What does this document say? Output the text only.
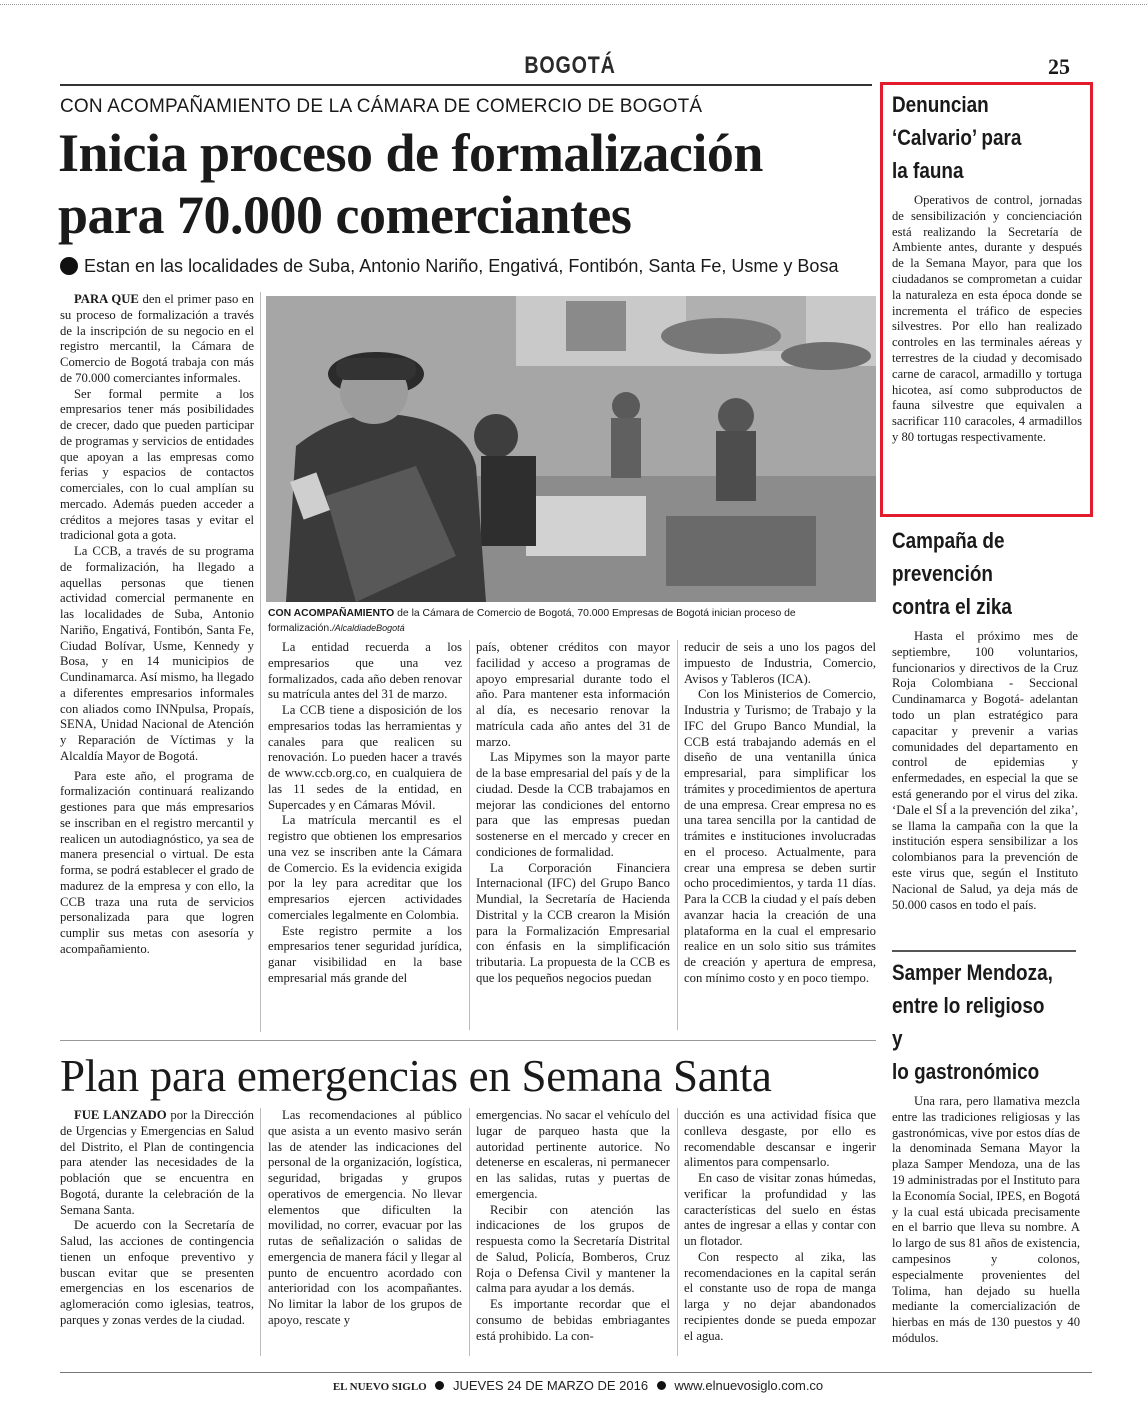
BOGOTÁ	25
CON ACOMPAÑAMIENTO DE LA CÁMARA DE COMERCIO DE BOGOTÁ
Inicia proceso de formalización
para 70.000 comerciantes
Estan en las localidades de Suba, Antonio Nariño, Engativá, Fontibón, Santa Fe, Usme y Bosa

PARA QUE den el primer paso en su proceso de formalización a través de la inscripción de su negocio en el registro mercantil, la Cámara de Comercio de Bogotá trabaja con más de 70.000 comerciantes informales.

Ser formal permite a los empresarios tener más posibilidades de crecer, dado que pueden participar de programas y servicios de entidades que apoyan a las empresas como ferias y espacios de contactos comerciales, con lo cual amplían su mercado. Además pueden acceder a créditos a mejores tasas y evitar el tradicional gota a gota.

La CCB, a través de su programa de formalización, ha llegado a aquellas personas que tienen actividad comercial permanente en las localidades de Suba, Antonio Nariño, Engativá, Fontibón, Santa Fe, Ciudad Bolívar, Usme, Kennedy y Bosa, y en 14 municipios de Cundinamarca. Así mismo, ha llegado a diferentes empresarios informales con aliados como INNpulsa, Propaís, SENA, Unidad Nacional de Atención y Reparación de Víctimas y la Alcaldía Mayor de Bogotá.

Para este año, el programa de formalización continuará realizando gestiones para que más empresarios se inscriban en el registro mercantil y realicen un autodiagnóstico, ya sea de manera presencial o virtual. De esta forma, se podrá establecer el grado de madurez de la empresa y con ello, la CCB traza una ruta de servicios personalizada para que logren cumplir sus metas con asesoría y acompañamiento.

CON ACOMPAÑAMIENTO de la Cámara de Comercio de Bogotá, 70.000 Empresas de Bogotá inician proceso de formalización./AlcaldiadeBogotá

La entidad recuerda a los empresarios que una vez formalizados, cada año deben renovar su matrícula antes del 31 de marzo.

La CCB tiene a disposición de los empresarios todas las herramientas y canales para que realicen su renovación. Lo pueden hacer a través de www.ccb.org.co, en cualquiera de las 11 sedes de la entidad, en Supercades y en Cámaras Móvil.

La matrícula mercantil es el registro que obtienen los empresarios una vez se inscriben ante la Cámara de Comercio. Es la evidencia exigida por la ley para acreditar que los empresarios ejercen actividades comerciales legalmente en Colombia.

Este registro permite a los empresarios tener seguridad jurídica, ganar visibilidad en la base empresarial más grande del

país, obtener créditos con mayor facilidad y acceso a programas de apoyo empresarial durante todo el año. Para mantener esta información al día, es necesario renovar la matrícula cada año antes del 31 de marzo.

Las Mipymes son la mayor parte de la base empresarial del país y de la ciudad. Desde la CCB trabajamos en mejorar las condiciones del entorno para que las empresas puedan sostenerse en el mercado y crecer en condiciones de formalidad.

La Corporación Financiera Internacional (IFC) del Grupo Banco Mundial, la Secretaría de Hacienda Distrital y la CCB crearon la Misión para la Formalización Empresarial con énfasis en la simplificación tributaria. La propuesta de la CCB es que los pequeños negocios puedan

reducir de seis a uno los pagos del impuesto de Industria, Comercio, Avisos y Tableros (ICA).

Con los Ministerios de Comercio, Industria y Turismo; de Trabajo y la IFC del Grupo Banco Mundial, la CCB está trabajando además en el diseño de una ventanilla única empresarial, para simplificar los trámites y procedimientos de apertura de una empresa. Crear empresa no es una tarea sencilla por la cantidad de trámites e instituciones involucradas en el proceso. Actualmente, para crear una empresa se deben surtir ocho procedimientos, y tarda 11 días. Para la CCB la ciudad y el país deben avanzar hacia la creación de una plataforma en la cual el empresario realice en un solo sitio sus trámites de creación y apertura de empresa, con mínimo costo y en poco tiempo.

Plan para emergencias en Semana Santa

FUE LANZADO por la Dirección de Urgencias y Emergencias en Salud del Distrito, el Plan de contingencia para atender las necesidades de la población que se encuentra en Bogotá, durante la celebración de la Semana Santa.

De acuerdo con la Secretaría de Salud, las acciones de contingencia tienen un enfoque preventivo y buscan evitar que se presenten emergencias en los escenarios de aglomeración como iglesias, teatros, parques y zonas verdes de la ciudad.

Las recomendaciones al público que asista a un evento masivo serán las de atender las indicaciones del personal de la organización, logística, seguridad, brigadas y grupos operativos de emergencia. No llevar elementos que dificulten la movilidad, no correr, evacuar por las rutas de señalización o salidas de emergencia de manera fácil y llegar al punto de encuentro acordado con anterioridad con los acompañantes. No limitar la labor de los grupos de apoyo, rescate y

emergencias. No sacar el vehículo del lugar de parqueo hasta que la autoridad pertinente autorice. No detenerse en escaleras, ni permanecer en las salidas, rutas y puertas de emergencia.

Recibir con atención las indicaciones de los grupos de respuesta como la Secretaría Distrital de Salud, Policía, Bomberos, Cruz Roja o Defensa Civil y mantener la calma para ayudar a los demás.

Es importante recordar que el consumo de bebidas embriagantes está prohibido. La con-

ducción es una actividad física que conlleva desgaste, por ello es recomendable descansar e ingerir alimentos para compensarlo.

En caso de visitar zonas húmedas, verificar la profundidad y las características del suelo en éstas antes de ingresar a ellas y contar con un flotador.

Con respecto al zika, las recomendaciones en la capital serán el constante uso de ropa de manga larga y no dejar abandonados recipientes donde se pueda empozar el agua.

Denuncian
‘Calvario’ para
la fauna

Operativos de control, jornadas de sensibilización y concienciación está realizando la Secretaría de Ambiente antes, durante y después de la Semana Mayor, para que los ciudadanos se comprometan a cuidar la naturaleza en esta época donde se incrementa el tráfico de especies silvestres. Por ello han realizado controles en las terminales aéreas y terrestres de la ciudad y decomisado carne de caracol, armadillo y tortuga hicotea, así como subproductos de fauna silvestre que equivalen a sacrificar 110 caracoles, 4 armadillos y 80 tortugas respectivamente.

Campaña de
prevención
contra el zika

Hasta el próximo mes de septiembre, 100 voluntarios, funcionarios y directivos de la Cruz Roja Colombiana - Seccional Cundinamarca y Bogotá- adelantan todo un plan estratégico para capacitar y prevenir a varias comunidades del departamento en control de epidemias y enfermedades, en especial la que se está generando por el virus del zika. ‘Dale el SÍ a la prevención del zika’, se llama la campaña con la que la institución espera sensibilizar a los colombianos para la prevención de este virus que, según el Instituto Nacional de Salud, ya deja más de 50.000 casos en todo el país.

Samper Mendoza,
entre lo religioso y
lo gastronómico

Una rara, pero llamativa mezcla entre las tradiciones religiosas y las gastronómicas, vive por estos días de la denominada Semana Mayor la plaza Samper Mendoza, una de las 19 administradas por el Instituto para la Economía Social, IPES, en Bogotá y la cual está ubicada precisamente en el barrio que lleva su nombre. A lo largo de sus 81 años de existencia, campesinos y colonos, especialmente provenientes del Tolima, han dejado su huella mediante la comercialización de hierbas en más de 130 puestos y 40 módulos.

EL NUEVO SIGLO JUEVES 24 DE MARZO DE 2016 www.elnuevosiglo.com.co
